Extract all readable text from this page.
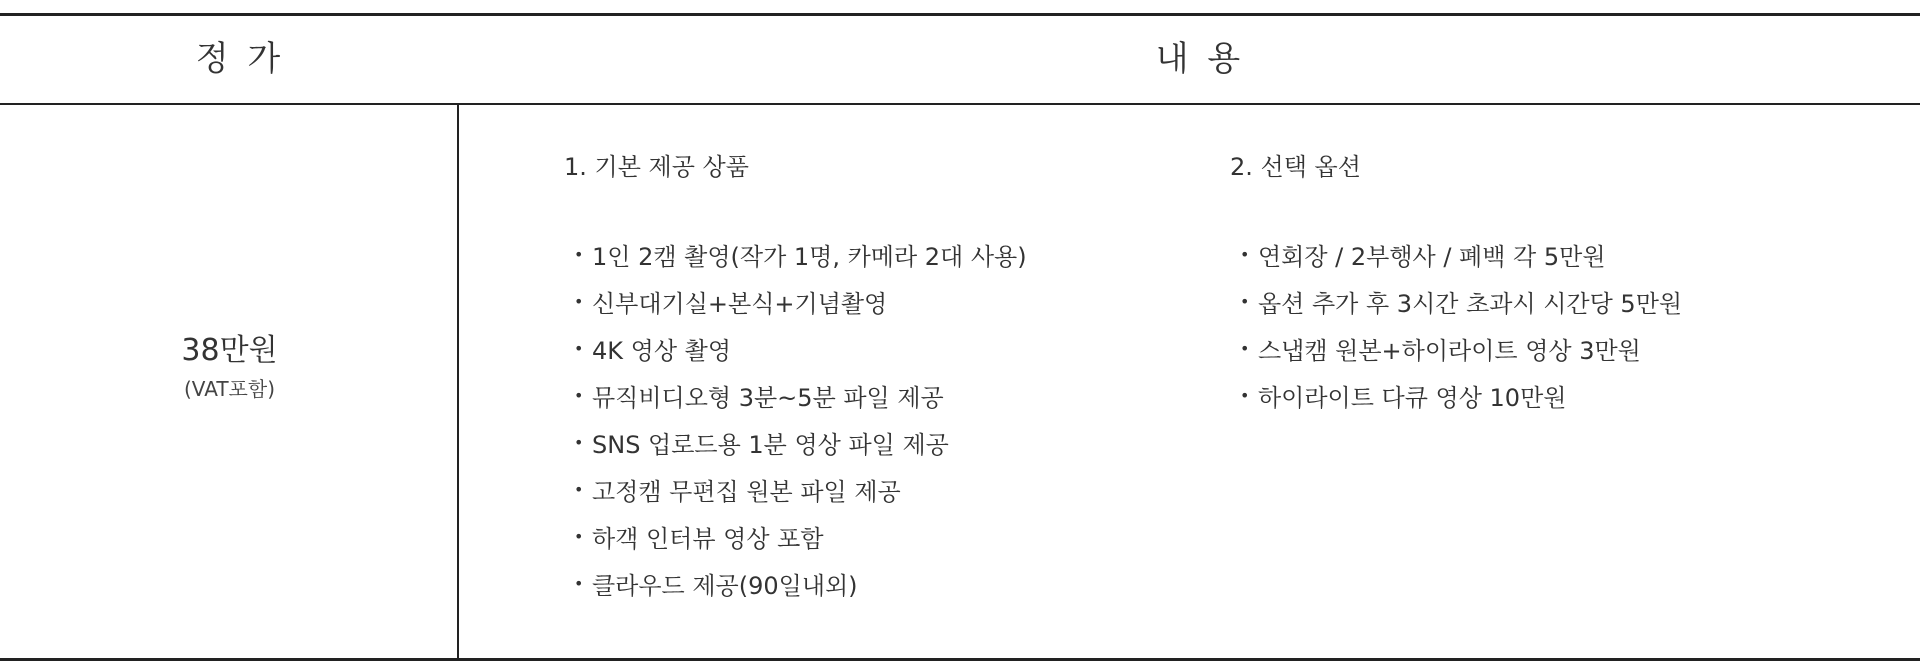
정 가	내 용
38만원
(VAT포함)
1. 기본 제공 상품
• 1인 2캠 촬영(작가 1명, 카메라 2대 사용)
• 신부대기실+본식+기념촬영
• 4K 영상 촬영
• 뮤직비디오형 3분~5분 파일 제공
• SNS 업로드용 1분 영상 파일 제공
• 고정캠 무편집 원본 파일 제공
• 하객 인터뷰 영상 포함
• 클라우드 제공(90일내외)
2. 선택 옵션
• 연회장 / 2부행사 / 폐백 각 5만원
• 옵션 추가 후 3시간 초과시 시간당 5만원
• 스냅캠 원본+하이라이트 영상 3만원
• 하이라이트 다큐 영상 10만원
